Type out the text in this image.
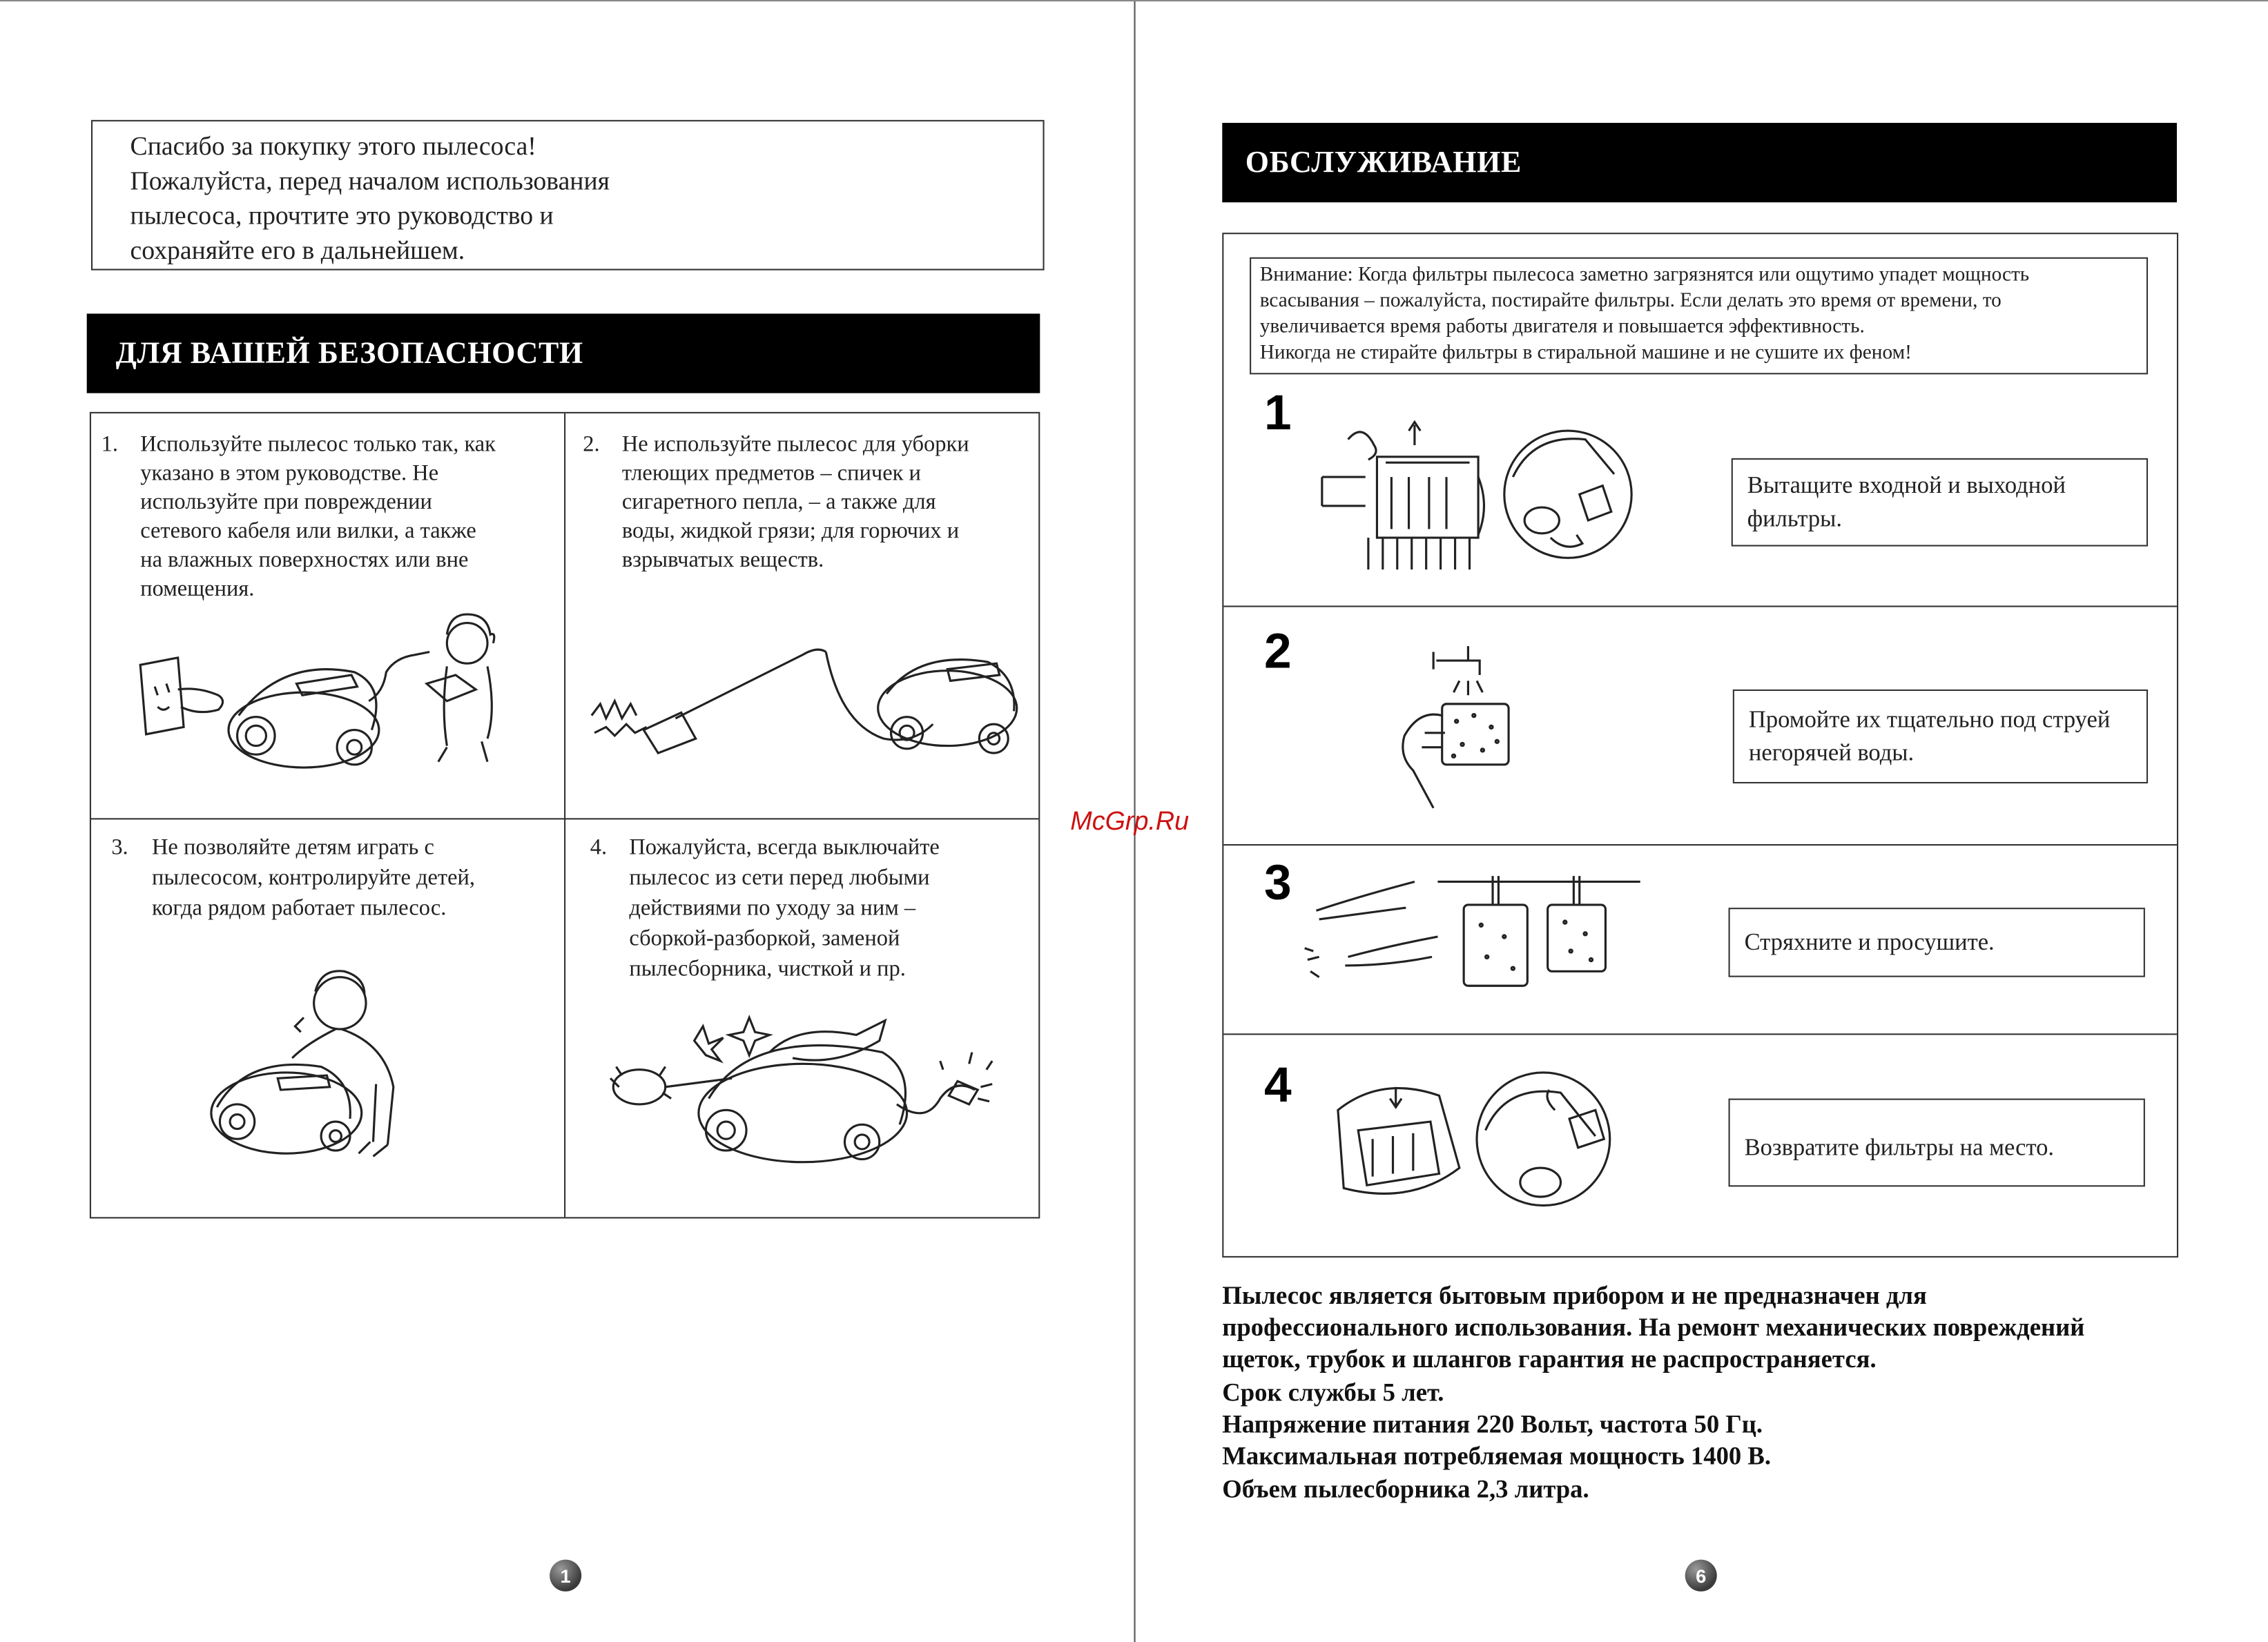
Спасибо за покупку этого пылесоса!
Пожалуйста, перед началом использования
пылесоса, прочтите это руководство и
сохраняйте его в дальнейшем.
ДЛЯ ВАШЕЙ БЕЗОПАСНОСТИ
1. Используйте пылесос только так, как
указано в этом руководстве. Не
используйте при повреждении
сетевого кабеля или вилки, а также
на влажных поверхностях или вне
помещения.
2. Не используйте пылесос для уборки
тлеющих предметов – спичек и
сигаретного пепла, – а также для
воды, жидкой грязи; для горючих и
взрывчатых веществ.
3. Не позволяйте детям играть с
пылесосом, контролируйте детей,
когда рядом работает пылесос.
4. Пожалуйста, всегда выключайте
пылесос из сети перед любыми
действиями по уходу за ним –
сборкой-разборкой, заменой
пылесборника, чисткой и пр.
1
McGrp.Ru
ОБСЛУЖИВАНИЕ
Внимание: Когда фильтры пылесоса заметно загрязнятся или ощутимо упадет мощность
всасывания – пожалуйста, постирайте фильтры. Если делать это время от времени, то
увеличивается время работы двигателя и повышается эффективность.
Никогда не стирайте фильтры в стиральной машине и не сушите их феном!
1
Вытащите входной и выходной
фильтры.
2
Промойте их тщательно под струей
негорячей воды.
3
Стряхните и просушите.
4
Возвратите фильтры на место.
Пылесос является бытовым прибором и не предназначен для
профессионального использования. На ремонт механических повреждений
щеток, трубок и шлангов гарантия не распространяется.
Срок службы 5 лет.
Напряжение питания 220 Вольт, частота 50 Гц.
Максимальная потребляемая мощность 1400 В.
Объем пылесборника 2,3 литра.
6
